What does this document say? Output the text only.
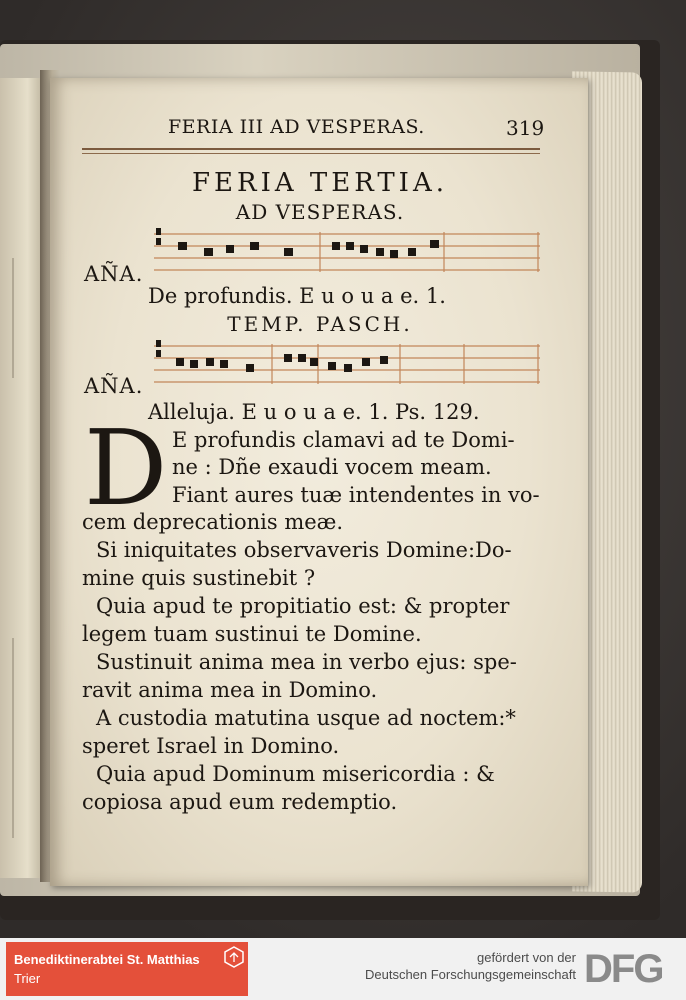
FERIA III AD VESPERAS.	319
FERIA TERTIA.
AD VESPERAS.
AÑA.
De profundis. E u o u a e. 1.
TEMP. PASCH.
AÑA.
Alleluja. E u o u a e. 1. Ps. 129.
D E profundis clamavi ad te Domi-
ne : Dñe exaudi vocem meam.
Fiant aures tuæ intendentes in vo-
cem deprecationis meæ.
Si iniquitates observaveris Domine:Do-
mine quis sustinebit ?
Quia apud te propitiatio est: & propter
legem tuam sustinui te Domine.
Sustinuit anima mea in verbo ejus: spe-
ravit anima mea in Domino.
A custodia matutina usque ad noctem:*
speret Israel in Domino.
Quia apud Dominum misericordia : &
copiosa apud eum redemptio.
Benediktinerabtei St. Matthias
Trier
gefördert von der
Deutschen Forschungsgemeinschaft DFG
